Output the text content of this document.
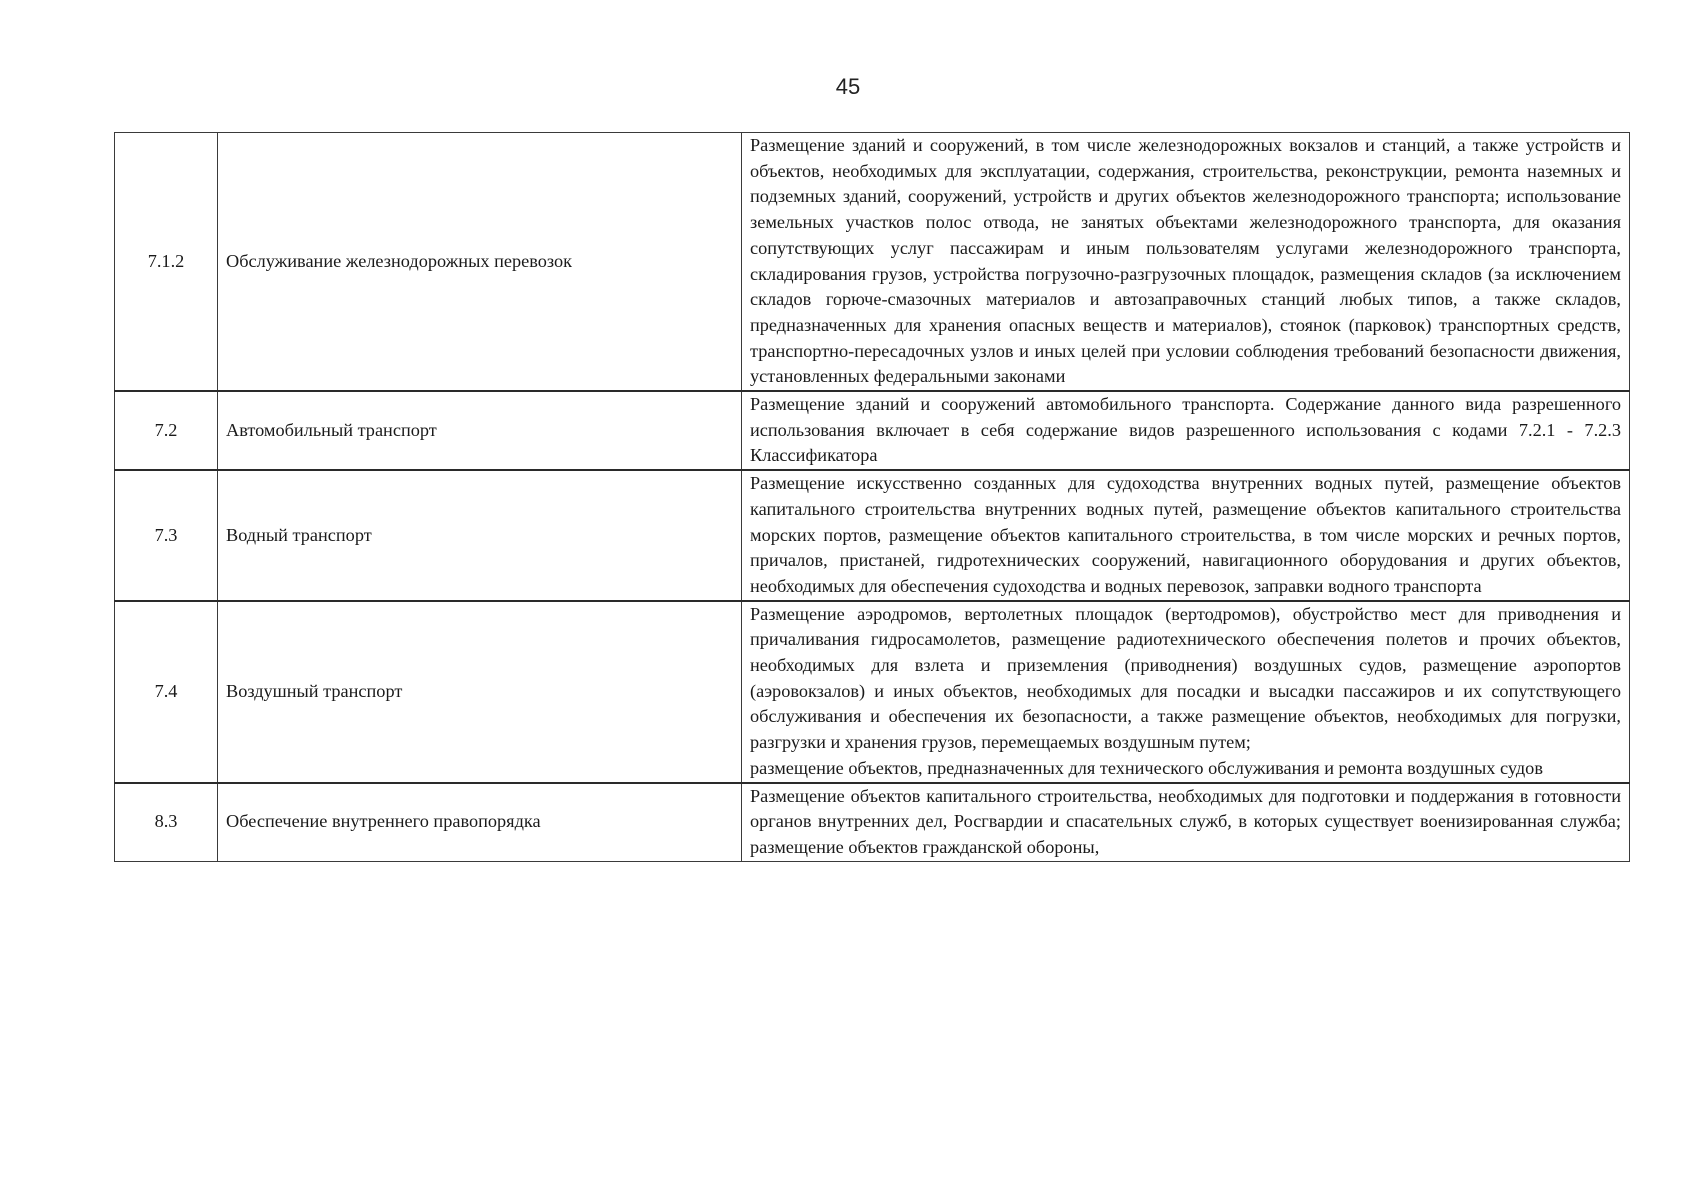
45
7.1.2	Обслуживание железнодорожных перевозок	Размещение зданий и сооружений, в том числе железнодорожных вокзалов и станций, а также устройств и объектов, необходимых для эксплуатации, содержания, строительства, реконструкции, ремонта наземных и подземных зданий, сооружений, устройств и других объектов железнодорожного транспорта; использование земельных участков полос отвода, не занятых объектами железнодорожного транспорта, для оказания сопутствующих услуг пассажирам и иным пользователям услугами железнодорожного транспорта, складирования грузов, устройства погрузочно-разгрузочных площадок, размещения складов (за исключением складов горюче-смазочных материалов и автозаправочных станций любых типов, а также складов, предназначенных для хранения опасных веществ и материалов), стоянок (парковок) транспортных средств, транспортно-пересадочных узлов и иных целей при условии соблюдения требований безопасности движения, установленных федеральными законами

7.2	Автомобильный транспорт	Размещение зданий и сооружений автомобильного транспорта. Содержание данного вида разрешенного использования включает в себя содержание видов разрешенного использования с кодами 7.2.1 - 7.2.3 Классификатора

7.3	Водный транспорт	Размещение искусственно созданных для судоходства внутренних водных путей, размещение объектов капитального строительства внутренних водных путей, размещение объектов капитального строительства морских портов, размещение объектов капитального строительства, в том числе морских и речных портов, причалов, пристаней, гидротехнических сооружений, навигационного оборудования и других объектов, необходимых для обеспечения судоходства и водных перевозок, заправки водного транспорта

7.4	Воздушный транспорт	Размещение аэродромов, вертолетных площадок (вертодромов), обустройство мест для приводнения и причаливания гидросамолетов, размещение радиотехнического обеспечения полетов и прочих объектов, необходимых для взлета и приземления (приводнения) воздушных судов, размещение аэропортов (аэровокзалов) и иных объектов, необходимых для посадки и высадки пассажиров и их сопутствующего обслуживания и обеспечения их безопасности, а также размещение объектов, необходимых для погрузки, разгрузки и хранения грузов, перемещаемых воздушным путем;
размещение объектов, предназначенных для технического обслуживания и ремонта воздушных судов

8.3	Обеспечение внутреннего правопорядка	Размещение объектов капитального строительства, необходимых для подготовки и поддержания в готовности органов внутренних дел, Росгвардии и спасательных служб, в которых существует военизированная служба; размещение объектов гражданской обороны,
